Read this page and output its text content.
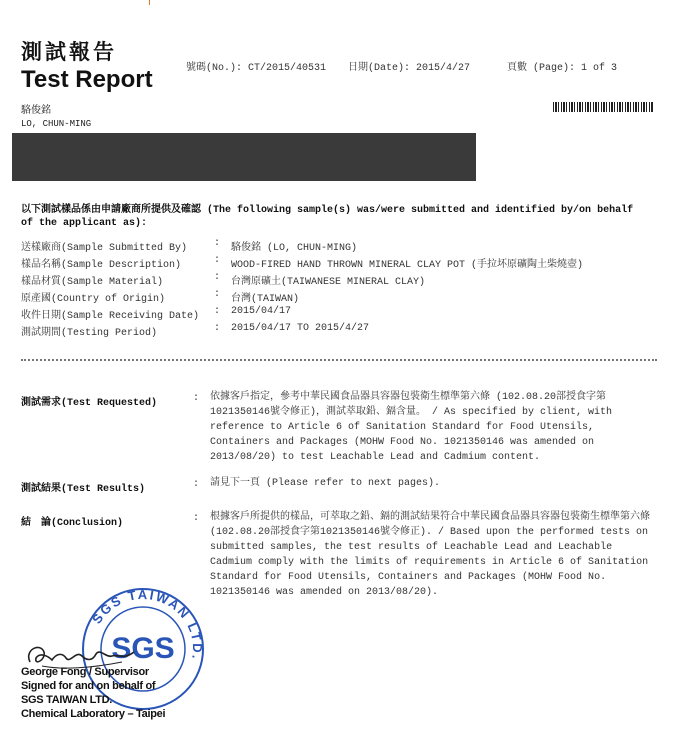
測試報告
Test Report	號碼(No.): CT/2015/40531 日期(Date): 2015/4/27	頁數 (Page): 1 of 3
駱俊銘
LO, CHUN-MING
以下測試樣品係由申請廠商所提供及確認 (The following sample(s) was/were submitted and identified by/on behalf of the applicant as):
送樣廠商(Sample Submitted By)	: 駱俊銘 (LO, CHUN-MING)
樣品名稱(Sample Description)	: WOOD-FIRED HAND THROWN MINERAL CLAY POT (手拉坏原礦陶土柴燒壺)
樣品材質(Sample Material)	: 台灣原礦土(TAIWANESE MINERAL CLAY)
原產國(Country of Origin)	: 台灣(TAIWAN)
收件日期(Sample Receiving Date) : 2015/04/17
測試期間(Testing Period)	: 2015/04/17 TO 2015/4/27
測試需求(Test Requested)	: 依據客戶指定，參考中華民國食品器具容器包裝衛生標準第六條 (102.08.20部授食字第1021350146號令修正)，測試萃取鉛、鎘含量。 / As specified by client, with reference to Article 6 of Sanitation Standard for Food Utensils, Containers and Packages (MOHW Food No. 1021350146 was amended on 2013/08/20) to test Leachable Lead and Cadmium content.
測試結果(Test Results)	: 請見下一頁 (Please refer to next pages).
結　論(Conclusion)	: 根據客戶所提供的樣品，可萃取之鉛、鎘的測試結果符合中華民國食品器具容器包裝衛生標準第六條 (102.08.20部授食字第1021350146號令修正). / Based upon the performed tests on submitted samples, the test results of Leachable Lead and Leachable Cadmium comply with the limits of requirements in Article 6 of Sanitation Standard for Food Utensils, Containers and Packages (MOHW Food No. 1021350146 was amended on 2013/08/20).
SGS TAIWAN LTD.
SGS
George Fong / Supervisor
Signed for and on behalf of
SGS TAIWAN LTD.
Chemical Laboratory – Taipei
